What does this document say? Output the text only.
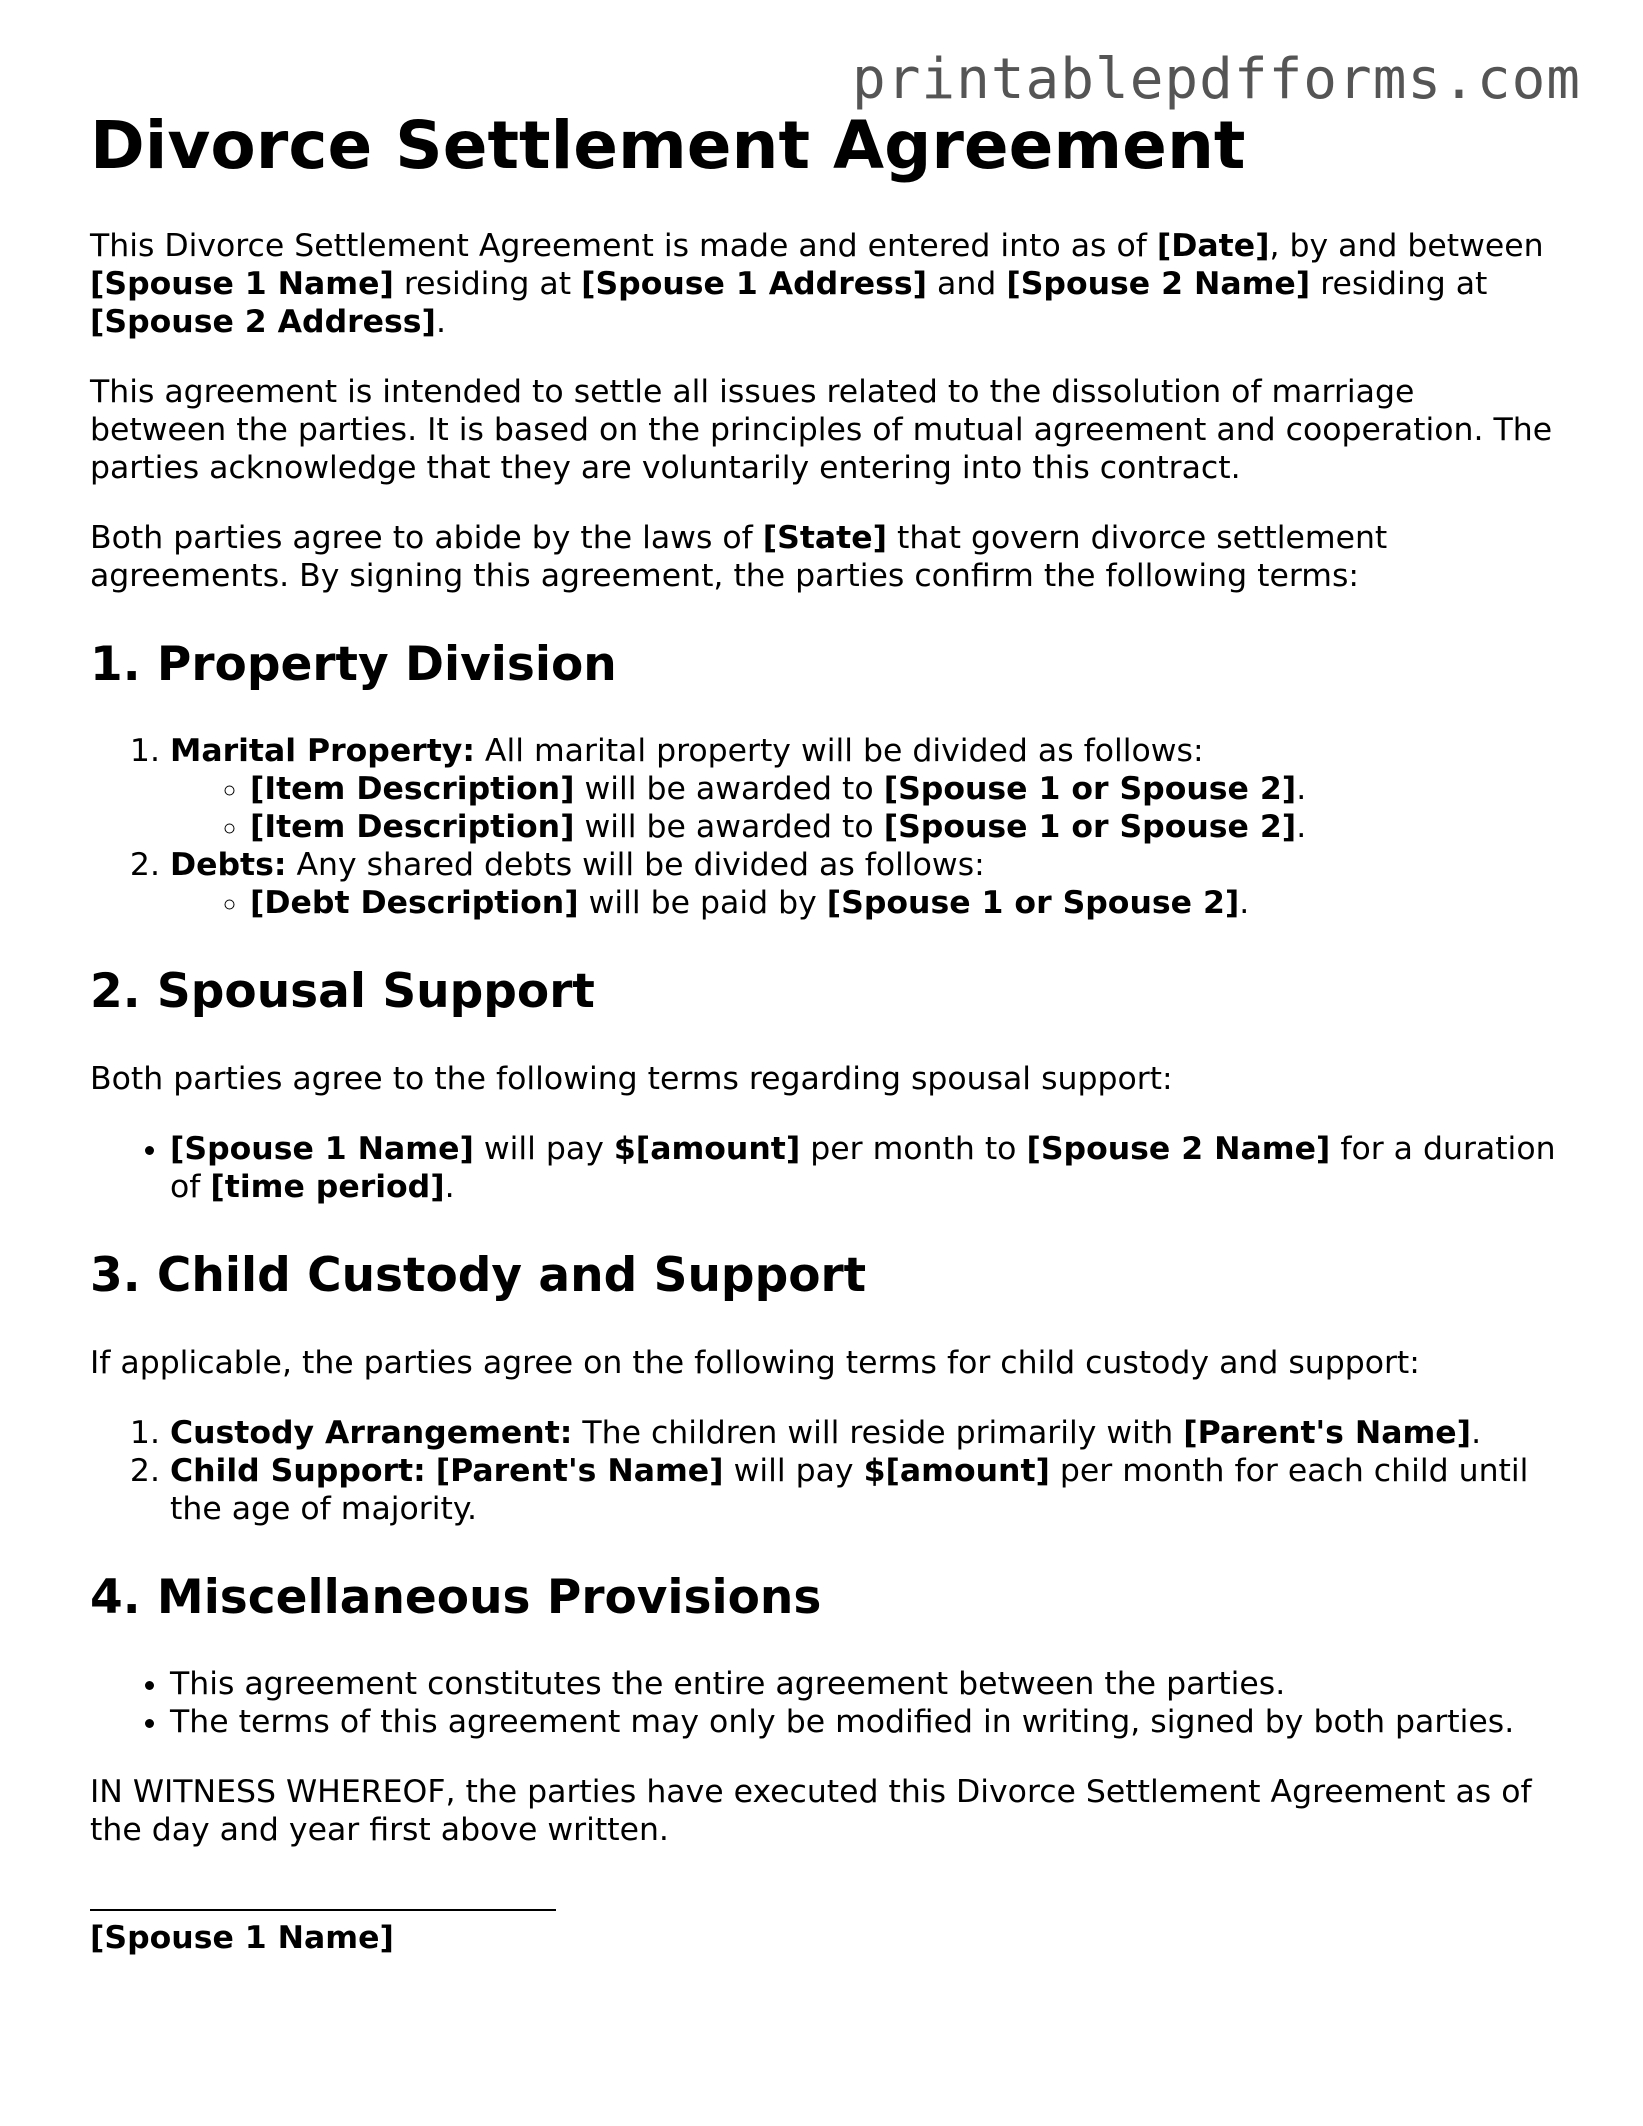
printablepdfforms.com
Divorce Settlement Agreement

This Divorce Settlement Agreement is made and entered into as of [Date], by and between [Spouse 1 Name] residing at [Spouse 1 Address] and [Spouse 2 Name] residing at [Spouse 2 Address].

This agreement is intended to settle all issues related to the dissolution of marriage between the parties. It is based on the principles of mutual agreement and cooperation. The parties acknowledge that they are voluntarily entering into this contract.

Both parties agree to abide by the laws of [State] that govern divorce settlement agreements. By signing this agreement, the parties confirm the following terms:

1. Property Division
1. Marital Property: All marital property will be divided as follows:
◦ [Item Description] will be awarded to [Spouse 1 or Spouse 2].
◦ [Item Description] will be awarded to [Spouse 1 or Spouse 2].
2. Debts: Any shared debts will be divided as follows:
◦ [Debt Description] will be paid by [Spouse 1 or Spouse 2].
2. Spousal Support

Both parties agree to the following terms regarding spousal support:

• [Spouse 1 Name] will pay $[amount] per month to [Spouse 2 Name] for a duration of [time period].
3. Child Custody and Support

If applicable, the parties agree on the following terms for child custody and support:

1. Custody Arrangement: The children will reside primarily with [Parent's Name].
2. Child Support: [Parent's Name] will pay $[amount] per month for each child until the age of majority.
4. Miscellaneous Provisions
• This agreement constitutes the entire agreement between the parties.
• The terms of this agreement may only be modified in writing, signed by both parties.

IN WITNESS WHEREOF, the parties have executed this Divorce Settlement Agreement as of the day and year first above written.

[Spouse 1 Name]
